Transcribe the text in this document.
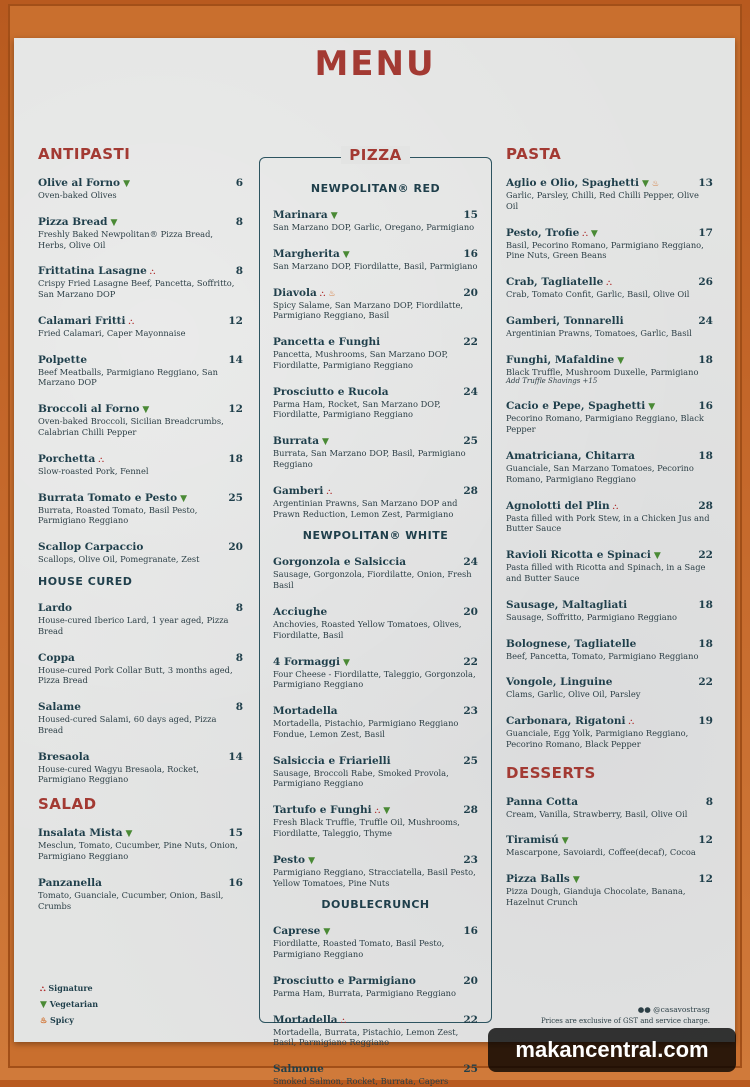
MENU
ANTIPASTI
Olive al Forno ▼	6
Oven-baked Olives
Pizza Bread ▼	8
Freshly Baked Newpolitan® Pizza Bread, Herbs, Olive Oil
Frittatina Lasagne ⛬	8
Crispy Fried Lasagne Beef, Pancetta, Soffritto, San Marzano DOP
Calamari Fritti ⛬	12
Fried Calamari, Caper Mayonnaise
Polpette	14
Beef Meatballs, Parmigiano Reggiano, San Marzano DOP
Broccoli al Forno ▼	12
Oven-baked Broccoli, Sicilian Breadcrumbs, Calabrian Chilli Pepper
Porchetta ⛬	18
Slow-roasted Pork, Fennel
Burrata Tomato e Pesto ▼	25
Burrata, Roasted Tomato, Basil Pesto, Parmigiano Reggiano
Scallop Carpaccio	20
Scallops, Olive Oil, Pomegranate, Zest
HOUSE CURED
Lardo	8
House-cured Iberico Lard, 1 year aged, Pizza Bread
Coppa	8
House-cured Pork Collar Butt, 3 months aged, Pizza Bread
Salame	8
Housed-cured Salami, 60 days aged, Pizza Bread
Bresaola	14
House-cured Wagyu Bresaola, Rocket, Parmigiano Reggiano
SALAD
Insalata Mista ▼	15
Mesclun, Tomato, Cucumber, Pine Nuts, Onion, Parmigiano Reggiano
Panzanella	16
Tomato, Guanciale, Cucumber, Onion, Basil, Crumbs
PIZZA
NEWPOLITAN® RED
Marinara ▼	15
San Marzano DOP, Garlic, Oregano, Parmigiano
Margherita ▼	16
San Marzano DOP, Fiordilatte, Basil, Parmigiano
Diavola ⛬ ♨	20
Spicy Salame, San Marzano DOP, Fiordilatte, Parmigiano Reggiano, Basil
Pancetta e Funghi	22
Pancetta, Mushrooms, San Marzano DOP, Fiordilatte, Parmigiano Reggiano
Prosciutto e Rucola	24
Parma Ham, Rocket, San Marzano DOP, Fiordilatte, Parmigiano Reggiano
Burrata ▼	25
Burrata, San Marzano DOP, Basil, Parmigiano Reggiano
Gamberi ⛬	28
Argentinian Prawns, San Marzano DOP and Prawn Reduction, Lemon Zest, Parmigiano
NEWPOLITAN® WHITE
Gorgonzola e Salsiccia	24
Sausage, Gorgonzola, Fiordilatte, Onion, Fresh Basil
Acciughe	20
Anchovies, Roasted Yellow Tomatoes, Olives, Fiordilatte, Basil
4 Formaggi ▼	22
Four Cheese - Fiordilatte, Taleggio, Gorgonzola, Parmigiano Reggiano
Mortadella	23
Mortadella, Pistachio, Parmigiano Reggiano Fondue, Lemon Zest, Basil
Salsiccia e Friarielli	25
Sausage, Broccoli Rabe, Smoked Provola, Parmigiano Reggiano
Tartufo e Funghi ⛬ ▼	28
Fresh Black Truffle, Truffle Oil, Mushrooms, Fiordilatte, Taleggio, Thyme
Pesto ▼	23
Parmigiano Reggiano, Stracciatella, Basil Pesto, Yellow Tomatoes, Pine Nuts
DOUBLECRUNCH
Caprese ▼	16
Fiordilatte, Roasted Tomato, Basil Pesto, Parmigiano Reggiano
Prosciutto e Parmigiano	20
Parma Ham, Burrata, Parmigiano Reggiano
Mortadella ⛬	22
Mortadella, Burrata, Pistachio, Lemon Zest, Basil, Parmigiano Reggiano
Salmone	25
Smoked Salmon, Rocket, Burrata, Capers
PASTA
Aglio e Olio, Spaghetti ▼ ♨	13
Garlic, Parsley, Chilli, Red Chilli Pepper, Olive Oil
Pesto, Trofie ⛬ ▼	17
Basil, Pecorino Romano, Parmigiano Reggiano, Pine Nuts, Green Beans
Crab, Tagliatelle ⛬	26
Crab, Tomato Confit, Garlic, Basil, Olive Oil
Gamberi, Tonnarelli	24
Argentinian Prawns, Tomatoes, Garlic, Basil
Funghi, Mafaldine ▼	18
Black Truffle, Mushroom Duxelle, Parmigiano
Add Truffle Shavings +15
Cacio e Pepe, Spaghetti ▼	16
Pecorino Romano, Parmigiano Reggiano, Black Pepper
Amatriciana, Chitarra	18
Guanciale, San Marzano Tomatoes, Pecorino Romano, Parmigiano Reggiano
Agnolotti del Plin ⛬	28
Pasta filled with Pork Stew, in a Chicken Jus and Butter Sauce
Ravioli Ricotta e Spinaci ▼	22
Pasta filled with Ricotta and Spinach, in a Sage and Butter Sauce
Sausage, Maltagliati	18
Sausage, Soffritto, Parmigiano Reggiano
Bolognese, Tagliatelle	18
Beef, Pancetta, Tomato, Parmigiano Reggiano
Vongole, Linguine	22
Clams, Garlic, Olive Oil, Parsley
Carbonara, Rigatoni ⛬	19
Guanciale, Egg Yolk, Parmigiano Reggiano, Pecorino Romano, Black Pepper
DESSERTS
Panna Cotta	8
Cream, Vanilla, Strawberry, Basil, Olive Oil
Tiramisú ▼	12
Mascarpone, Savoiardi, Coffee(decaf), Cocoa
Pizza Balls ▼	12
Pizza Dough, Gianduja Chocolate, Banana, Hazelnut Crunch
⛬ Signature
▼ Vegetarian
♨ Spicy
●● @casavostrasg
Prices are exclusive of GST and service charge.
makancentral.com
